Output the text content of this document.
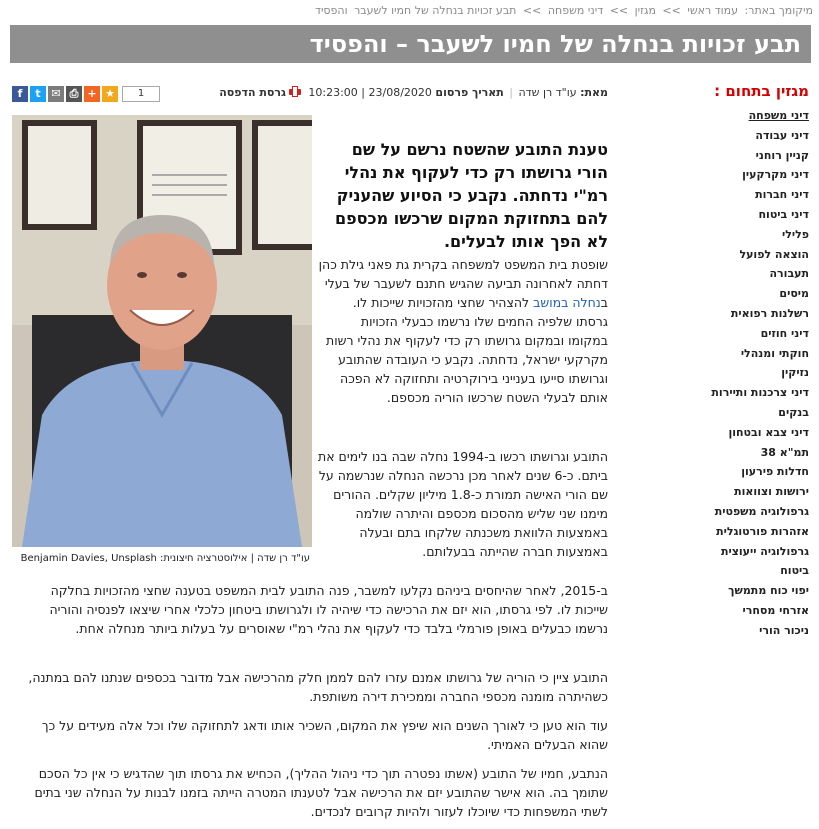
מיקומך באתר: עמוד ראשי >> מגזין >> דיני משפחה >> תבע זכויות בנחלה של חמיו לשעבר והפסיד
תבע זכויות בנחלה של חמיו לשעבר – והפסיד
מגזין בתחום :
דיני משפחה
דיני עבודה
קניין רוחני
דיני מקרקעין
דיני חברות
דיני ביטוח
פלילי
הוצאה לפועל
תעבורה
מיסים
רשלנות רפואית
דיני חוזים
חוקתי ומנהלי
נזיקין
דיני צרכנות ותיירות
בנקים
דיני צבא ובטחון
תמ"א 38
חדלות פירעון
ירושות וצוואות
גרפולוגיה משפטית
אזהרות פורטוגלית
גרפולוגיה ייעוצית
ביטוח
יפוי כוח מתמשך
אזרחי מסחרי
ניכור הורי
מאת: עו"ד רן שדה | תאריך פרסום 23/08/2020 | 10:23:00 גרסת הדפסה
f	t ✉ ⎙ + ★	1
עו"ד רן שדה | אילוסטרציה חיצונית: Benjamin Davies, Unsplash
טענת התובע שהשטח נרשם על שם הורי גרושתו רק כדי לעקוף את נהלי רמ"י נדחתה. נקבע כי הסיוע שהעניק להם בתחזוקת המקום שרכשו מכספם לא הפך אותו לבעלים.

שופטת בית המשפט למשפחה בקרית גת פאני גילת כהן דחתה לאחרונה תביעה שהגיש חתנם לשעבר של בעלי בנחלה במושב להצהיר שחצי מהזכויות שייכות לו. גרסתו שלפיה החמים שלו נרשמו כבעלי הזכויות במקומו ובמקום גרושתו רק כדי לעקוף את נהלי רשות מקרקעי ישראל, נדחתה. נקבע כי העובדה שהתובע וגרושתו סייעו בענייני בירוקרטיה ותחזוקה לא הפכה אותם לבעלי השטח שרכשו הוריה מכספם.

התובע וגרושתו רכשו ב-1994 נחלה שבה בנו לימים את ביתם. כ-6 שנים לאחר מכן נרכשה הנחלה שנרשמה על שם הורי האישה תמורת כ-1.8 מיליון שקלים. ההורים מימנו שני שליש מהסכום מכספם והיתרה שולמה באמצעות הלוואת משכנתה שלקחו בתם ובעלה באמצעות חברה שהייתה בבעלותם.

ב-2015, לאחר שהיחסים ביניהם נקלעו למשבר, פנה התובע לבית המשפט בטענה שחצי מהזכויות בחלקה שייכות לו. לפי גרסתו, הוא יזם את הרכישה כדי שיהיה לו ולגרושתו ביטחון כלכלי אחרי שיצאו לפנסיה והוריה נרשמו כבעלים באופן פורמלי בלבד כדי לעקוף את נהלי רמ"י שאוסרים על בעלות ביותר מנחלה אחת.

התובע ציין כי הוריה של גרושתו אמנם עזרו להם לממן חלק מהרכישה אבל מדובר בכספים שנתנו להם במתנה, כשהיתרה מומנה מכספי החברה וממכירת דירה משותפת.

עוד הוא טען כי לאורך השנים הוא שיפץ את המקום, השכיר אותו ודאג לתחזוקה שלו וכל אלה מעידים על כך שהוא הבעלים האמיתי.

הנתבע, חמיו של התובע (אשתו נפטרה תוך כדי ניהול ההליך), הכחיש את גרסתו תוך שהדגיש כי אין כל הסכם שתומך בה. הוא אישר שהתובע יזם את הרכישה אבל לטענתו המטרה הייתה בזמנו לבנות על הנחלה שני בתים לשתי המשפחות כדי שיוכלו לעזור ולהיות קרובים לנכדים.
